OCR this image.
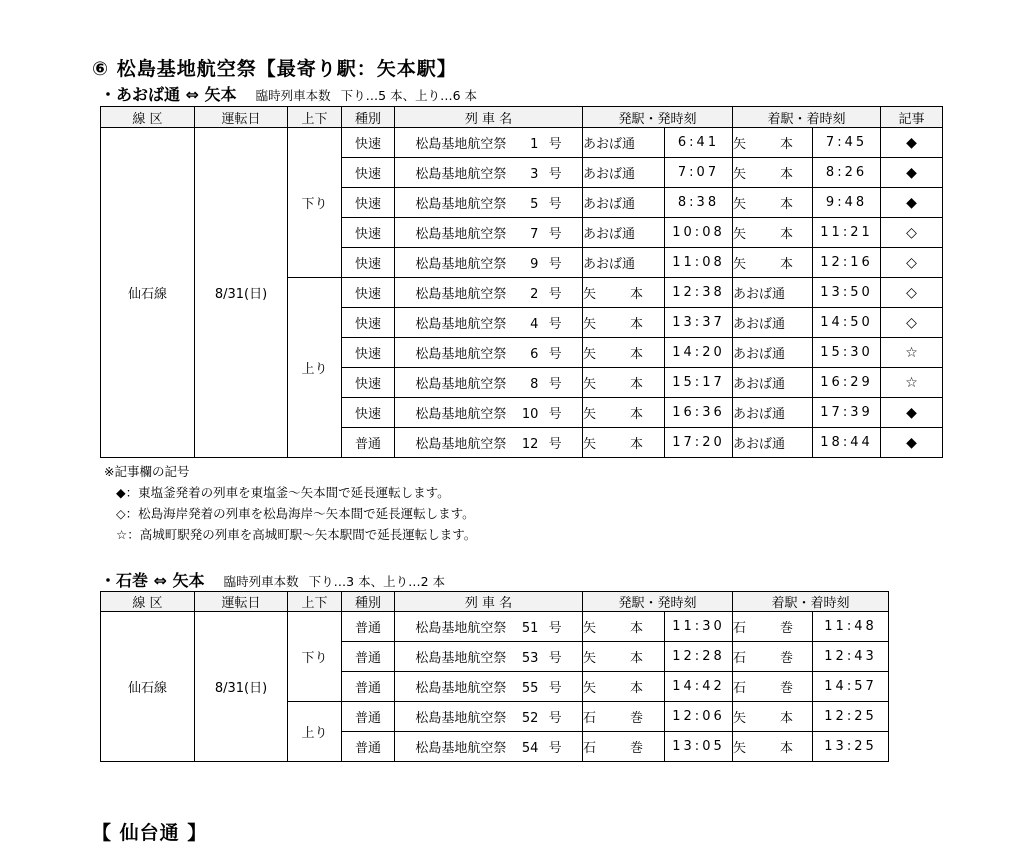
⑥ 松島基地航空祭【最寄り駅：矢本駅】
・あおば通 ⇔ 矢本 臨時列車本数 下り…5 本、上り…6 本
線 区	運転日	上下	種別	列 車 名	発駅・発時刻		着駅・着時刻		記事
仙石線	8/31(日)	下り	快速	松島基地航空祭 1 号	あおば通	6:41	矢 本	7:45	◆
			快速	松島基地航空祭 3 号	あおば通	7:07	矢 本	8:26	◆
			快速	松島基地航空祭 5 号	あおば通	8:38	矢 本	9:48	◆
			快速	松島基地航空祭 7 号	あおば通	10:08	矢 本	11:21	◇
			快速	松島基地航空祭 9 号	あおば通	11:08	矢 本	12:16	◇
		上り	快速	松島基地航空祭 2 号	矢 本	12:38	あおば通	13:50	◇
			快速	松島基地航空祭 4 号	矢 本	13:37	あおば通	14:50	◇
			快速	松島基地航空祭 6 号	矢 本	14:20	あおば通	15:30	☆
			快速	松島基地航空祭 8 号	矢 本	15:17	あおば通	16:29	☆
			快速	松島基地航空祭 10 号	矢 本	16:36	あおば通	17:39	◆
			普通	松島基地航空祭 12 号	矢 本	17:20	あおば通	18:44	◆
※記事欄の記号
◆：東塩釜発着の列車を東塩釜～矢本間で延長運転します。
◇：松島海岸発着の列車を松島海岸～矢本間で延長運転します。
☆：高城町駅発の列車を高城町駅～矢本駅間で延長運転します。
・石巻 ⇔ 矢本 臨時列車本数 下り…3 本、上り…2 本
線 区	運転日	上下	種別	列 車 名	発駅・発時刻		着駅・着時刻	
仙石線	8/31(日)	下り	普通	松島基地航空祭 51 号	矢 本	11:30	石 巻	11:48
			普通	松島基地航空祭 53 号	矢 本	12:28	石 巻	12:43
			普通	松島基地航空祭 55 号	矢 本	14:42	石 巻	14:57
		上り	普通	松島基地航空祭 52 号	石 巻	12:06	矢 本	12:25
			普通	松島基地航空祭 54 号	石 巻	13:05	矢 本	13:25
【 仙台通 】
